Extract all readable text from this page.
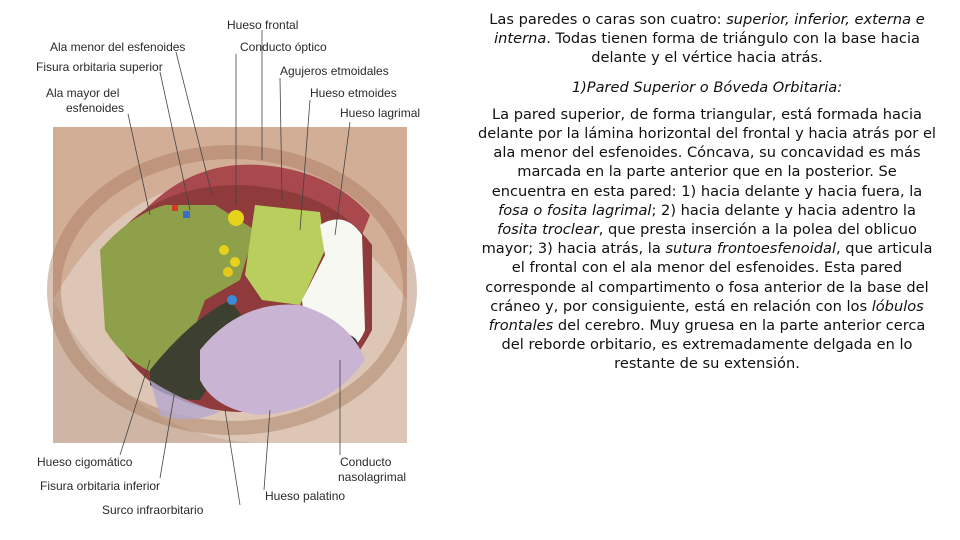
Hueso frontal
Ala menor del esfenoides	Conducto óptico
Fisura orbitaria superior	Agujeros etmoidales
Ala mayor del	Hueso etmoides
esfenoides	Hueso lagrimal
Hueso cigomático	Conducto
nasolagrimal
Fisura orbitaria inferior
Hueso palatino
Surco infraorbitario

Las paredes o caras son cuatro: superior, inferior, externa e interna. Todas tienen forma de triángulo con la base hacia delante y el vértice hacia atrás.

1)Pared Superior o Bóveda Orbitaria:

La pared superior, de forma triangular, está formada hacia delante por la lámina horizontal del frontal y hacia atrás por el ala menor del esfenoides. Cóncava, su concavidad es más marcada en la parte anterior que en la posterior. Se encuentra en esta pared: 1) hacia delante y hacia fuera, la fosa o fosita lagrimal; 2) hacia delante y hacia adentro la fosita troclear, que presta inserción a la polea del oblicuo mayor; 3) hacia atrás, la sutura frontoesfenoidal, que articula el frontal con el ala menor del esfenoides. Esta pared corresponde al compartimento o fosa anterior de la base del cráneo y, por consiguiente, está en relación con los lóbulos frontales del cerebro. Muy gruesa en la parte anterior cerca del reborde orbitario, es extremadamente delgada en lo restante de su extensión.
